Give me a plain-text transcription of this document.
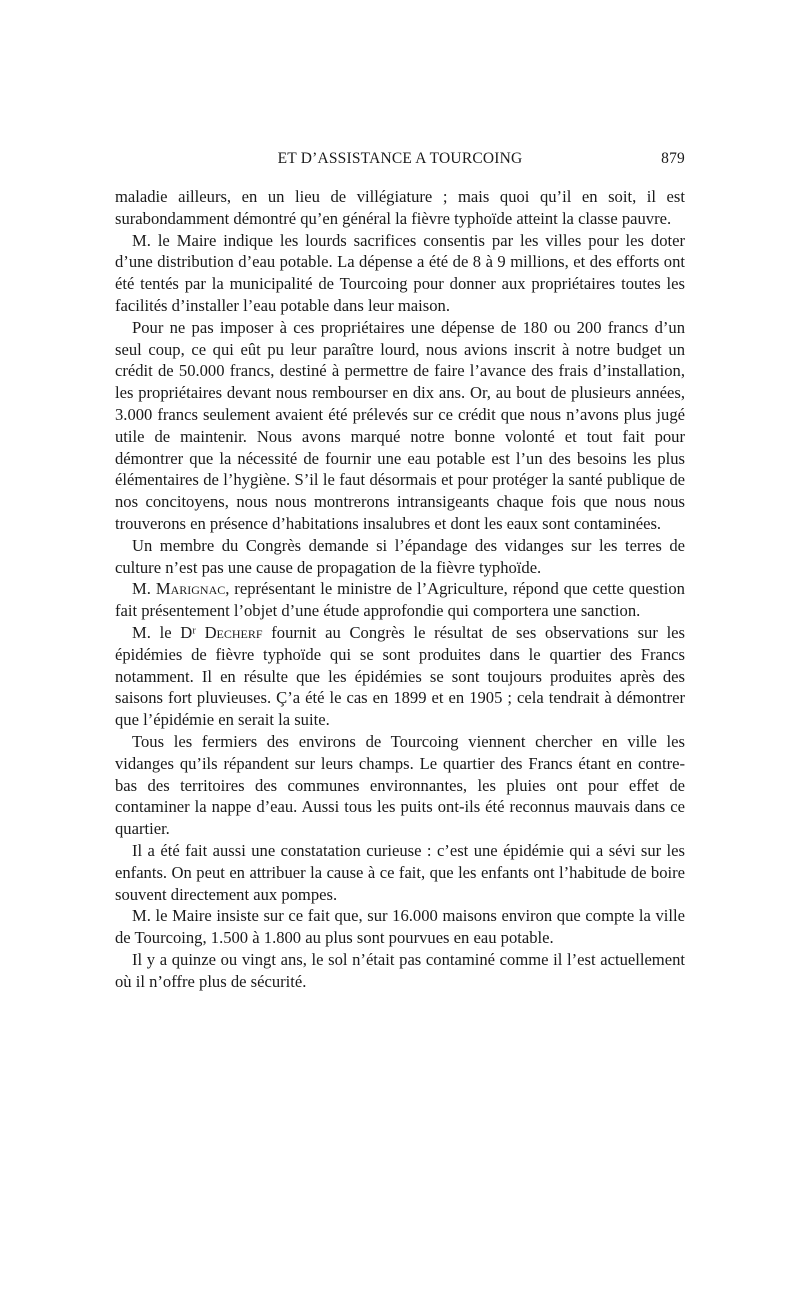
ET D’ASSISTANCE A TOURCOING	879

maladie ailleurs, en un lieu de villégiature ; mais quoi qu’il en soit, il est surabondamment démontré qu’en général la fièvre typhoïde atteint la classe pauvre.

M. le Maire indique les lourds sacrifices consentis par les villes pour les doter d’une distribution d’eau potable. La dépense a été de 8 à 9 millions, et des efforts ont été tentés par la municipalité de Tourcoing pour donner aux propriétaires toutes les facilités d’installer l’eau potable dans leur maison.

Pour ne pas imposer à ces propriétaires une dépense de 180 ou 200 francs d’un seul coup, ce qui eût pu leur paraître lourd, nous avions inscrit à notre budget un crédit de 50.000 francs, destiné à permettre de faire l’avance des frais d’installation, les propriétaires devant nous rembourser en dix ans. Or, au bout de plusieurs années, 3.000 francs seulement avaient été prélevés sur ce crédit que nous n’avons plus jugé utile de maintenir. Nous avons marqué notre bonne volonté et tout fait pour démontrer que la nécessité de fournir une eau potable est l’un des besoins les plus élémentaires de l’hygiène. S’il le faut désormais et pour protéger la santé publique de nos concitoyens, nous nous montrerons intransigeants chaque fois que nous nous trouverons en présence d’habitations insalubres et dont les eaux sont contaminées.

Un membre du Congrès demande si l’épandage des vidanges sur les terres de culture n’est pas une cause de propagation de la fièvre typhoïde.

M. Marignac, représentant le ministre de l’Agriculture, répond que cette question fait présentement l’objet d’une étude approfondie qui comportera une sanction.

M. le Dʳ Decherf fournit au Congrès le résultat de ses observations sur les épidémies de fièvre typhoïde qui se sont produites dans le quartier des Francs notamment. Il en résulte que les épidémies se sont toujours produites après des saisons fort pluvieuses. Ç’a été le cas en 1899 et en 1905 ; cela tendrait à démontrer que l’épidémie en serait la suite.

Tous les fermiers des environs de Tourcoing viennent chercher en ville les vidanges qu’ils répandent sur leurs champs. Le quartier des Francs étant en contre-bas des territoires des communes environnantes, les pluies ont pour effet de contaminer la nappe d’eau. Aussi tous les puits ont-ils été reconnus mauvais dans ce quartier.

Il a été fait aussi une constatation curieuse : c’est une épidémie qui a sévi sur les enfants. On peut en attribuer la cause à ce fait, que les enfants ont l’habitude de boire souvent directement aux pompes.

M. le Maire insiste sur ce fait que, sur 16.000 maisons environ que compte la ville de Tourcoing, 1.500 à 1.800 au plus sont pourvues en eau potable.

Il y a quinze ou vingt ans, le sol n’était pas contaminé comme il l’est actuellement où il n’offre plus de sécurité.
